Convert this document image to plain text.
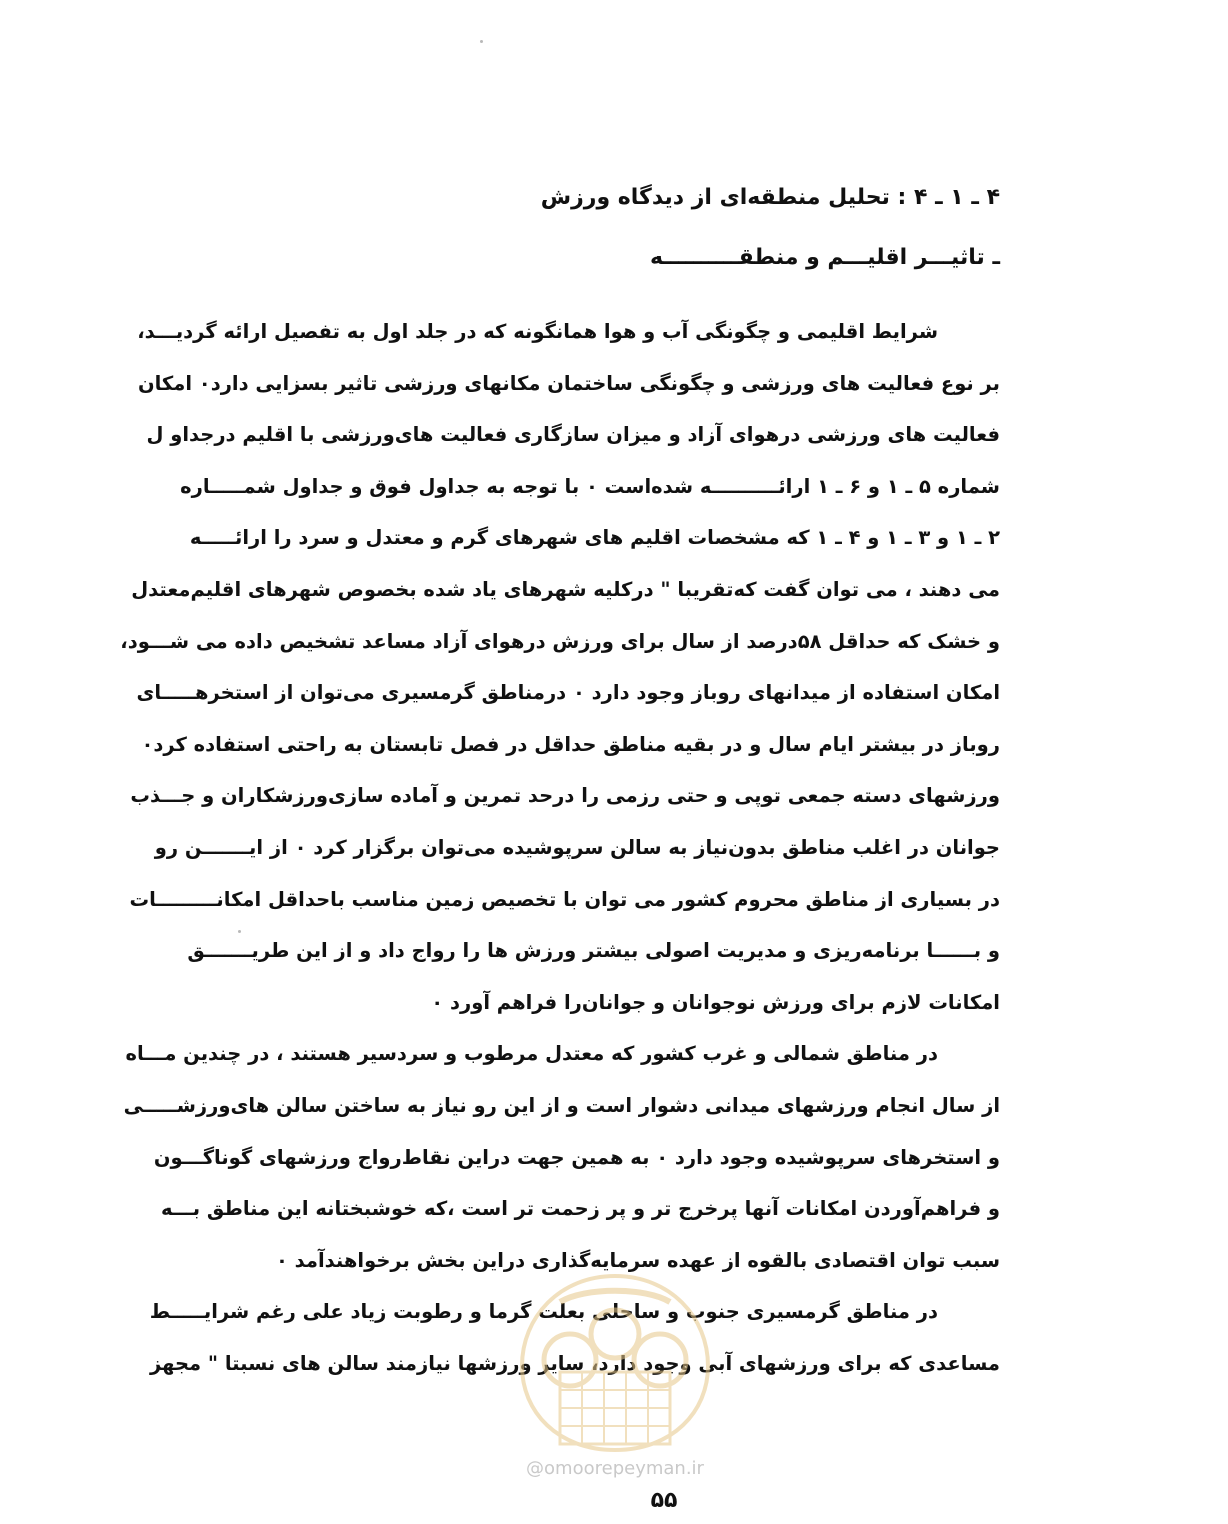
۴ ـ ۱ ـ ۴ : تحلیل منطقه‌ای از دیدگاه ورزش
ـ تاثیـــر اقلیـــم و منطقــــــــــه
شرایط اقلیمی و چگونگی آب و هوا همانگونه که در جلد اول به تفصیل ارائه گردیـــد،
بر نوع فعالیت های ورزشی و چگونگی ساختمان مکانهای ورزشی تاثیر بسزایی دارد۰ امکان
فعالیت های ورزشی درهوای آزاد و میزان سازگاری فعالیت های‌ورزشی با اقلیم درجداو ل
شماره ۵ ـ ۱ و ۶ ـ ۱ ارائــــــــــه شده‌است ۰ با توجه به جداول فوق و جداول شمـــــاره
۲ ـ ۱ و ۳ ـ ۱ و ۴ ـ ۱ که مشخصات اقلیم های شهرهای گرم و معتدل و سرد را ارائـــــه
می دهند ، می توان گفت که‌تقریبا " درکلیه شهرهای یاد شده بخصوص شهرهای اقلیم‌معتدل
و خشک که حداقل ۵۸درصد از سال برای ورزش درهوای آزاد مساعد تشخیص داده می شـــود،
امکان استفاده از میدانهای روباز وجود دارد ۰ درمناطق گرمسیری می‌توان از استخرهـــــای
روباز در بیشتر ایام سال و در بقیه مناطق حداقل در فصل تابستان به راحتی استفاده کرد۰
ورزشهای دسته جمعی توپی و حتی رزمی را درحد تمرین و آماده سازی‌ورزشکاران و جـــذب
جوانان در اغلب مناطق بدون‌نیاز به سالن سرپوشیده می‌توان برگزار کرد ۰ از ایـــــــن رو
در بسیاری از مناطق محروم کشور می توان با تخصیص زمین مناسب باحداقل امکانـــــــــات
و بــــــا برنامه‌ریزی و مدیریت اصولی بیشتر ورزش ها را رواج داد و از این طریـــــــق
امکانات لازم برای ورزش نوجوانان و جوانان‌را فراهم آورد ۰
در مناطق شمالی و غرب کشور که معتدل مرطوب و سردسیر هستند ، در چندین مـــاه
از سال انجام ورزشهای میدانی دشوار است و از این رو نیاز به ساختن سالن های‌ورزشـــــی
و استخرهای سرپوشیده وجود دارد ۰ به همین جهت دراین نقاط‌رواج ورزشهای گوناگـــون
و فراهم‌آوردن امکانات آنها پرخرج تر و پر زحمت تر است ،که خوشبختانه این مناطق بـــه
سبب توان اقتصادی بالقوه از عهده سرمایه‌گذاری دراین بخش برخواهند‌آمد ۰
در مناطق گرمسیری جنوب و ساحلی بعلت گرما و رطوبت زیاد علی رغم شرایـــــط
مساعدی که برای ورزشهای آبی وجود دارد، سایر ورزشها نیازمند سالن های نسبتا " مجهز
@omoorepeyman.ir
۵۵
